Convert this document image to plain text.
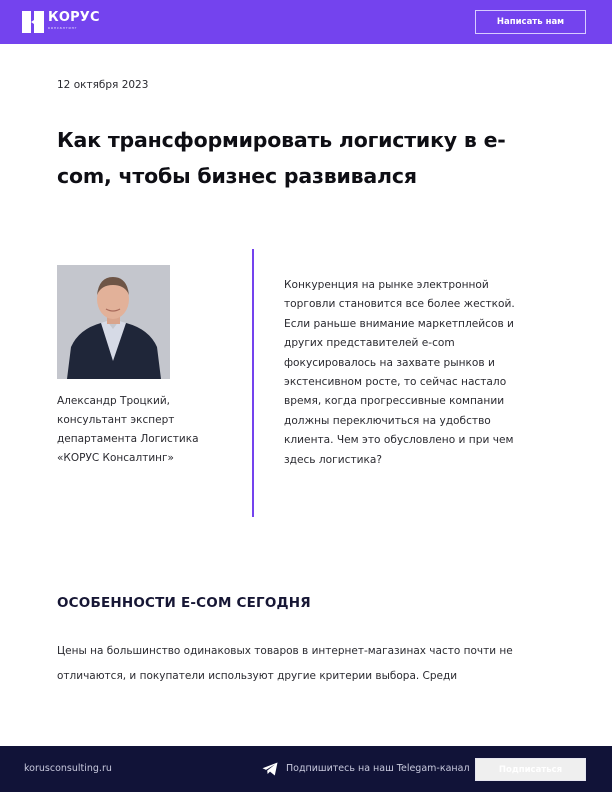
КОРУС
консалтинг
Написать нам
12 октября 2023
Как трансформировать логистику в e-com, чтобы бизнес развивался
Александр Троцкий,
консультант эксперт
департамента Логистика
«КОРУС Консалтинг»

Конкуренция на рынке электронной торговли становится все более жесткой. Если раньше внимание маркетплейсов и других представителей e-com фокусировалось на захвате рынков и экстенсивном росте, то сейчас настало время, когда прогрессивные компании должны переключиться на удобство клиента. Чем это обусловлено и при чем здесь логистика?

ОСОБЕННОСТИ E-COM СЕГОДНЯ

Цены на большинство одинаковых товаров в интернет-магазинах часто почти не отличаются, и покупатели используют другие критерии выбора. Среди

korusconsulting.ru	Подпишитесь на наш Telegam-канал	Подписаться
